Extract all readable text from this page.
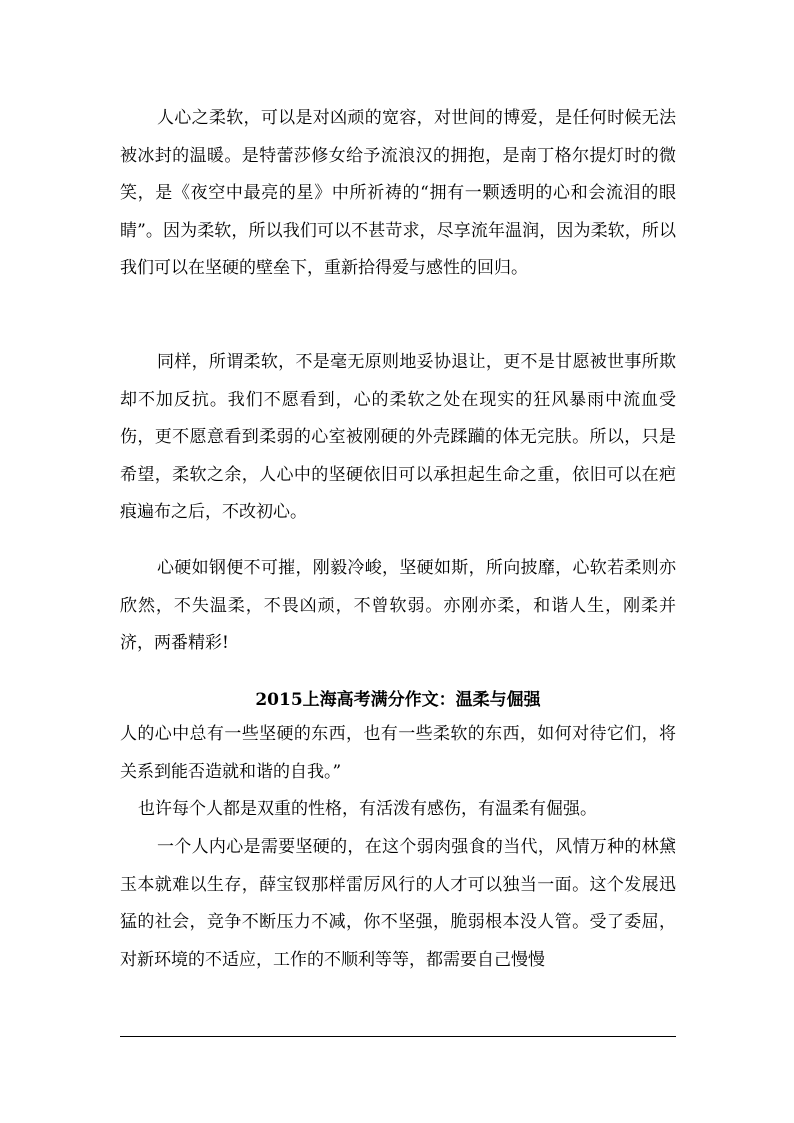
人心之柔软，可以是对凶顽的宽容，对世间的博爱，是任何时候无法被冰封的温暖。是特蕾莎修女给予流浪汉的拥抱，是南丁格尔提灯时的微笑，是《夜空中最亮的星》中所祈祷的“拥有一颗透明的心和会流泪的眼睛”。因为柔软，所以我们可以不甚苛求，尽享流年温润，因为柔软，所以我们可以在坚硬的壁垒下，重新拾得爱与感性的回归。

同样，所谓柔软，不是毫无原则地妥协退让，更不是甘愿被世事所欺却不加反抗。我们不愿看到，心的柔软之处在现实的狂风暴雨中流血受伤，更不愿意看到柔弱的心室被刚硬的外壳蹂躏的体无完肤。所以，只是希望，柔软之余，人心中的坚硬依旧可以承担起生命之重，依旧可以在疤痕遍布之后，不改初心。

心硬如钢便不可摧，刚毅冷峻，坚硬如斯，所向披靡，心软若柔则亦欣然，不失温柔，不畏凶顽，不曾软弱。亦刚亦柔，和谐人生，刚柔并济，两番精彩!

2015上海高考满分作文：温柔与倔强

人的心中总有一些坚硬的东西，也有一些柔软的东西，如何对待它们，将关系到能否造就和谐的自我。”

也许每个人都是双重的性格，有活泼有感伤，有温柔有倔强。

一个人内心是需要坚硬的，在这个弱肉强食的当代，风情万种的林黛玉本就难以生存，薛宝钗那样雷厉风行的人才可以独当一面。这个发展迅猛的社会，竞争不断压力不减，你不坚强，脆弱根本没人管。受了委屈，对新环境的不适应，工作的不顺利等等，都需要自己慢慢
